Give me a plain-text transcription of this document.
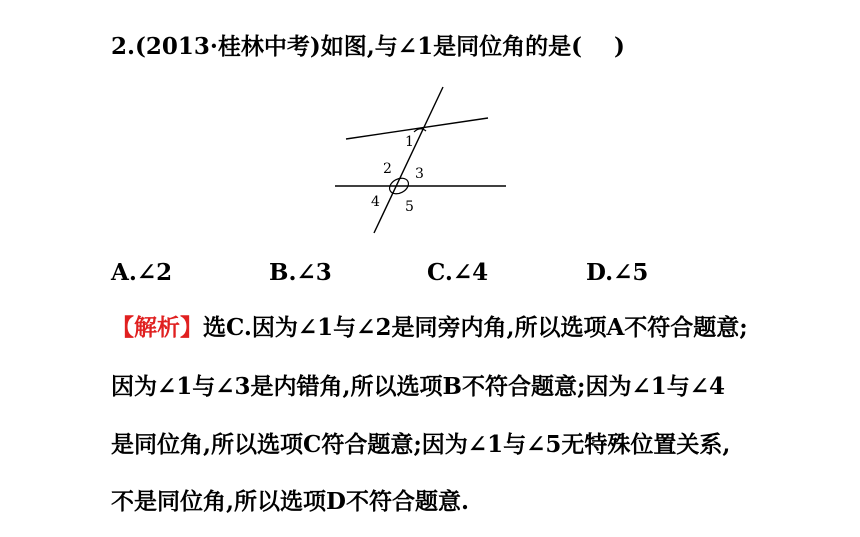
2.(2013·桂林中考)如图,与∠1是同位角的是(    )
1
2 3
4 5
A.∠2	B.∠3	C.∠4	D.∠5
【解析】选C.因为∠1与∠2是同旁内角,所以选项A不符合题意;
因为∠1与∠3是内错角,所以选项B不符合题意;因为∠1与∠4
是同位角,所以选项C符合题意;因为∠1与∠5无特殊位置关系,
不是同位角,所以选项D不符合题意.
